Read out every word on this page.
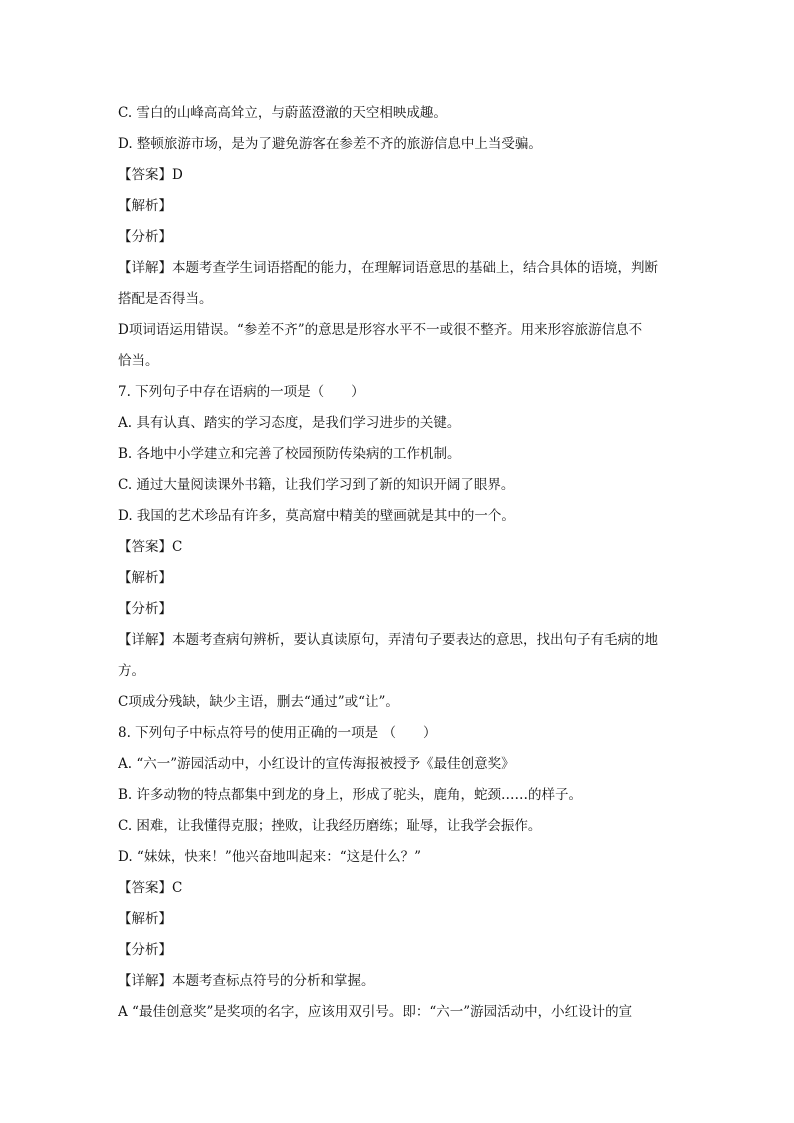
C. 雪白的山峰高高耸立，与蔚蓝澄澈的天空相映成趣。
D. 整顿旅游市场，是为了避免游客在参差不齐的旅游信息中上当受骗。
【答案】D
【解析】
【分析】
【详解】本题考查学生词语搭配的能力，在理解词语意思的基础上，结合具体的语境，判断
搭配是否得当。
D项词语运用错误。“参差不齐”的意思是形容水平不一或很不整齐。用来形容旅游信息不
恰当。
7. 下列句子中存在语病的一项是（　　）
A. 具有认真、踏实的学习态度，是我们学习进步的关键。
B. 各地中小学建立和完善了校园预防传染病的工作机制。
C. 通过大量阅读课外书籍，让我们学习到了新的知识开阔了眼界。
D. 我国的艺术珍品有许多，莫高窟中精美的壁画就是其中的一个。
【答案】C
【解析】
【分析】
【详解】本题考查病句辨析，要认真读原句，弄清句子要表达的意思，找出句子有毛病的地
方。
C项成分残缺，缺少主语，删去“通过”或“让”。
8. 下列句子中标点符号的使用正确的一项是 （　　）
A. “六一”游园活动中，小红设计的宣传海报被授予《最佳创意奖》
B. 许多动物的特点都集中到龙的身上，形成了驼头，鹿角，蛇颈……的样子。
C. 困难，让我懂得克服；挫败，让我经历磨练；耻辱，让我学会振作。
D. “妹妹，快来！”他兴奋地叫起来：“这是什么？”
【答案】C
【解析】
【分析】
【详解】本题考查标点符号的分析和掌握。
A “最佳创意奖”是奖项的名字，应该用双引号。即：“六一”游园活动中，小红设计的宣
